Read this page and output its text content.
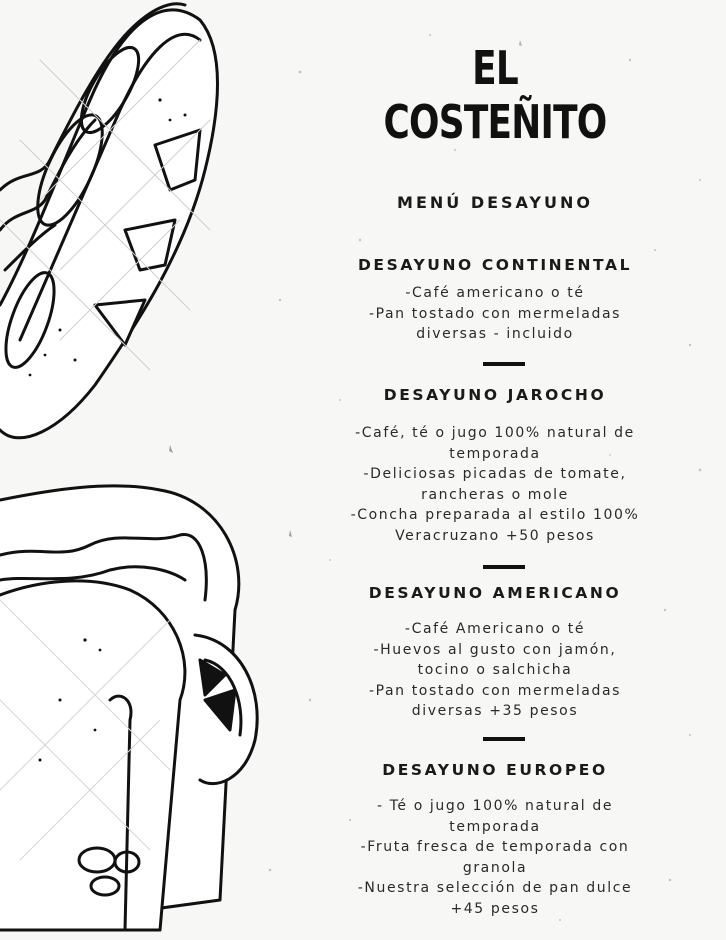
EL
COSTEÑITO
MENÚ DESAYUNO
DESAYUNO CONTINENTAL
-Café americano o té
-Pan tostado con mermeladas
diversas - incluido
DESAYUNO JAROCHO
-Café, té o jugo 100% natural de
temporada
-Deliciosas picadas de tomate,
rancheras o mole
-Concha preparada al estilo 100%
Veracruzano +50 pesos
DESAYUNO AMERICANO
-Café Americano o té
-Huevos al gusto con jamón,
tocino o salchicha
-Pan tostado con mermeladas
diversas +35 pesos
DESAYUNO EUROPEO
- Té o jugo 100% natural de
temporada
-Fruta fresca de temporada con
granola
-Nuestra selección de pan dulce
+45 pesos
